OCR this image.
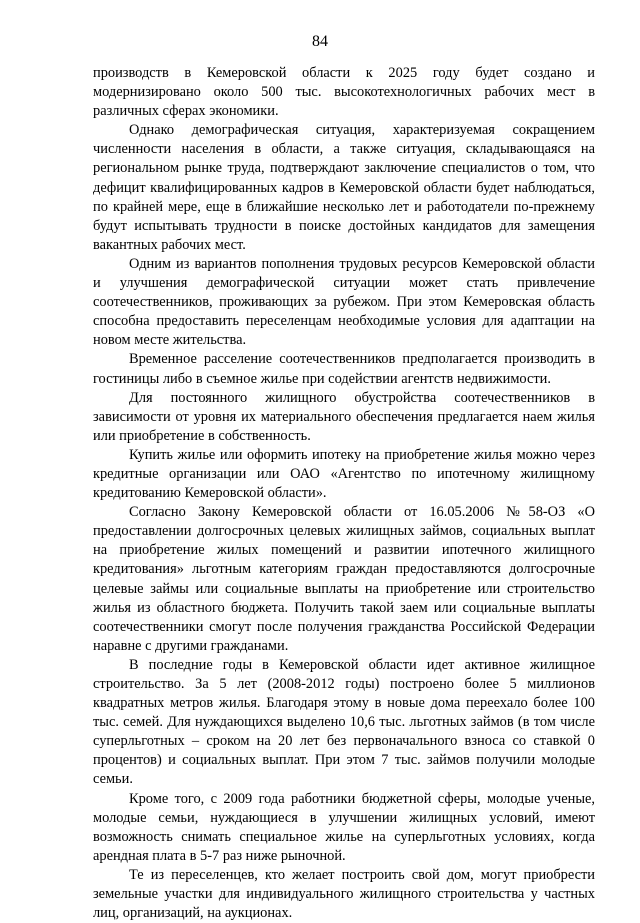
84

производств в Кемеровской области к 2025 году будет создано и модернизировано около 500 тыс. высокотехнологичных рабочих мест в различных сферах экономики.

Однако демографическая ситуация, характеризуемая сокращением численности населения в области, а также ситуация, складывающаяся на региональном рынке труда, подтверждают заключение специалистов о том, что дефицит квалифицированных кадров в Кемеровской области будет наблюдаться, по крайней мере, еще в ближайшие несколько лет и работодатели по-прежнему будут испытывать трудности в поиске достойных кандидатов для замещения вакантных рабочих мест.

Одним из вариантов пополнения трудовых ресурсов Кемеровской области и улучшения демографической ситуации может стать привлечение соотечественников, проживающих за рубежом. При этом Кемеровская область способна предоставить переселенцам необходимые условия для адаптации на новом месте жительства.

Временное расселение соотечественников предполагается производить в гостиницы либо в съемное жилье при содействии агентств недвижимости.

Для постоянного жилищного обустройства соотечественников в зависимости от уровня их материального обеспечения предлагается наем жилья или приобретение в собственность.

Купить жилье или оформить ипотеку на приобретение жилья можно через кредитные организации или ОАО «Агентство по ипотечному жилищному кредитованию Кемеровской области».

Согласно Закону Кемеровской области от 16.05.2006 №58-ОЗ «О предоставлении долгосрочных целевых жилищных займов, социальных выплат на приобретение жилых помещений и развитии ипотечного жилищного кредитования» льготным категориям граждан предоставляются долгосрочные целевые займы или социальные выплаты на приобретение или строительство жилья из областного бюджета. Получить такой заем или социальные выплаты соотечественники смогут после получения гражданства Российской Федерации наравне с другими гражданами.

В последние годы в Кемеровской области идет активное жилищное строительство. За 5 лет (2008-2012 годы) построено более 5 миллионов квадратных метров жилья. Благодаря этому в новые дома переехало более 100 тыс. семей. Для нуждающихся выделено 10,6 тыс. льготных займов (в том числе суперльготных – сроком на 20 лет без первоначального взноса со ставкой 0 процентов) и социальных выплат. При этом 7 тыс. займов получили молодые семьи.

Кроме того, с 2009 года работники бюджетной сферы, молодые ученые, молодые семьи, нуждающиеся в улучшении жилищных условий, имеют возможность снимать специальное жилье на суперльготных условиях, когда арендная плата в 5-7 раз ниже рыночной.

Те из переселенцев, кто желает построить свой дом, могут приобрести земельные участки для индивидуального жилищного строительства у частных лиц, организаций, на аукционах.
